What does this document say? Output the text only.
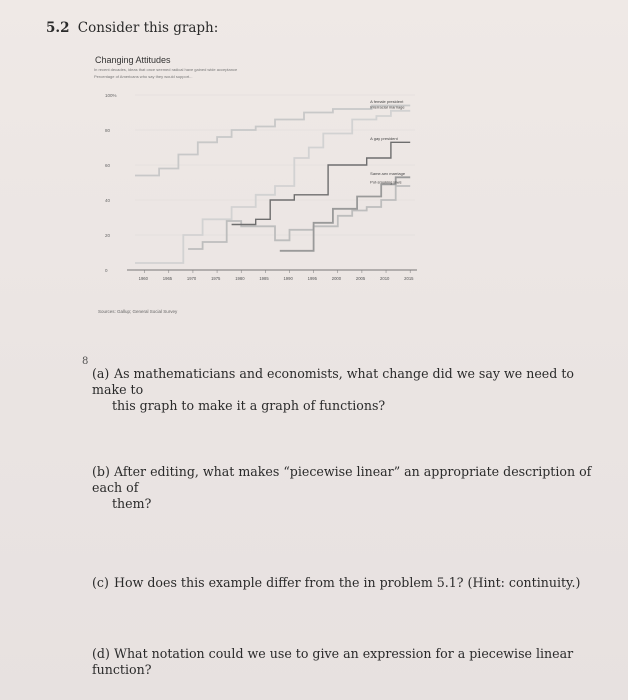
5.2 Consider this graph:
Changing Attitudes
In recent decades, ideas that once seemed radical have gained wide acceptance
Percentage of Americans who say they would support...
0
20
40
60
80
100%
1960	1965	1970	1975	1980	1985	1990	1995	2000	2005	2010	2015
A female president
Interracial marriage
Pot-smoking laws
A gay president
Same-sex marriage
Sources: Gallup; General Social Survey
8
(a) As mathematicians and economists, what change did we say we need to make to
this graph to make it a graph of functions?
(b) After editing, what makes “piecewise linear” an appropriate description of each of
them?
(c) How does this example differ from the in problem 5.1? (Hint: continuity.)
(d) What notation could we use to give an expression for a piecewise linear function?
